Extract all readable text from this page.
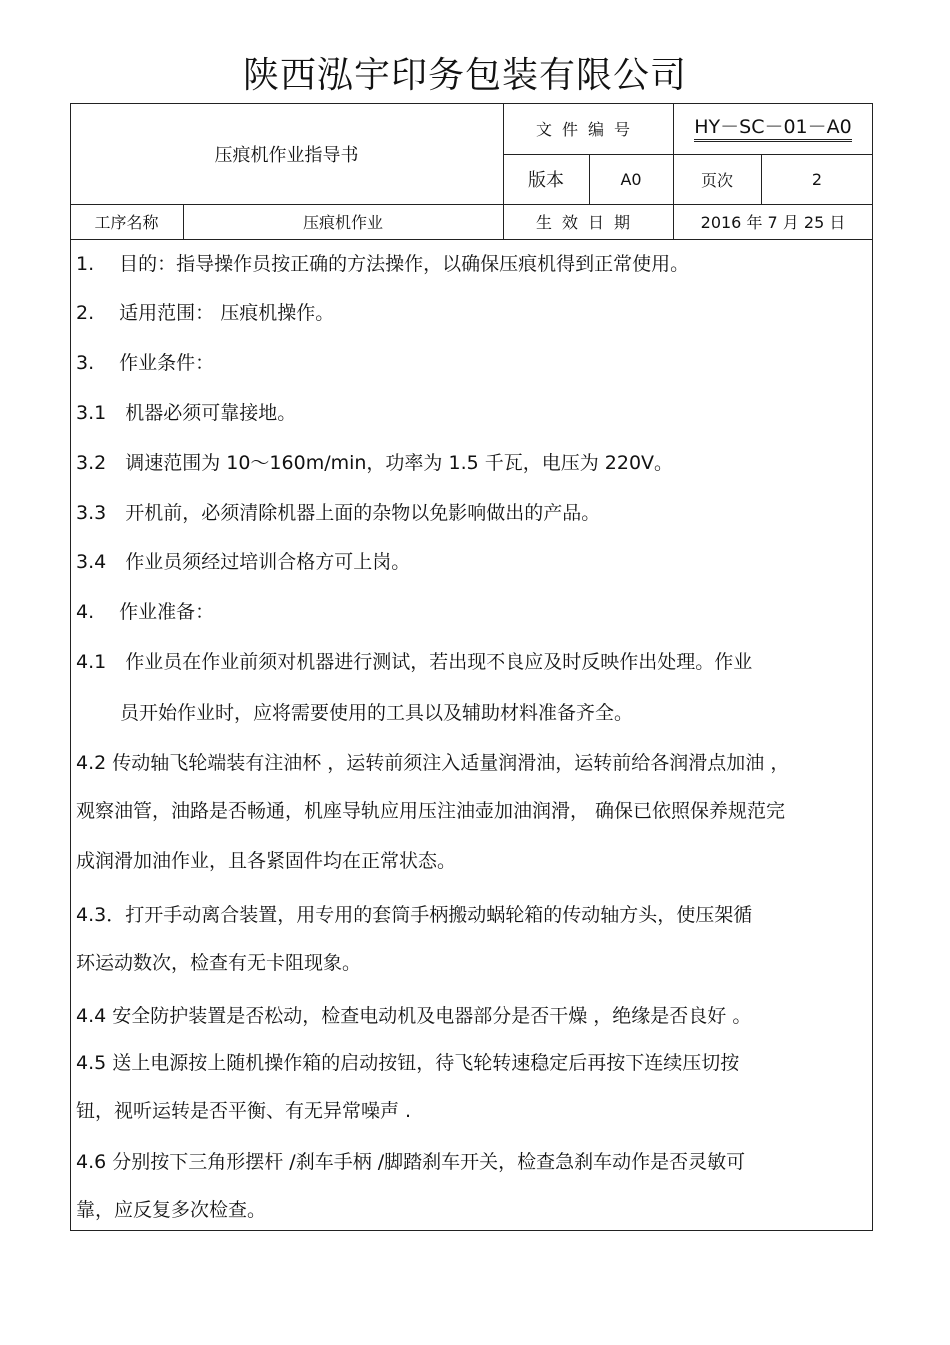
陕西泓宇印务包装有限公司
压痕机作业指导书
文件编号	HY－SC－01－A0
版本	A0	页次	2
工序名称	压痕机作业	生效日期	2016 年 7 月 25 日
1.　 目的：指导操作员按正确的方法操作，以确保压痕机得到正常使用。
2.　 适用范围： 压痕机操作。
3.　 作业条件：
3.1　机器必须可靠接地。
3.2　调速范围为 10～160m/min，功率为 1.5 千瓦，电压为 220V。
3.3　开机前，必须清除机器上面的杂物以免影响做出的产品。
3.4　作业员须经过培训合格方可上岗。
4.　 作业准备：
4.1　作业员在作业前须对机器进行测试，若出现不良应及时反映作出处理。作业
　　 员开始作业时，应将需要使用的工具以及辅助材料准备齐全。
4.2 传动轴飞轮端装有注油杯 ，运转前须注入适量润滑油，运转前给各润滑点加油 ，
观察油管，油路是否畅通，机座导轨应用压注油壶加油润滑， 确保已依照保养规范完
成润滑加油作业，且各紧固件均在正常状态。
4.3．打开手动离合装置，用专用的套筒手柄搬动蜗轮箱的传动轴方头，使压架循
环运动数次，检查有无卡阻现象。
4.4 安全防护装置是否松动，检查电动机及电器部分是否干燥 ，绝缘是否良好 。
4.5 送上电源按上随机操作箱的启动按钮，待飞轮转速稳定后再按下连续压切按
钮，视听运转是否平衡、有无异常噪声 .
4.6 分别按下三角形摆杆 /刹车手柄 /脚踏刹车开关，检查急刹车动作是否灵敏可
靠，应反复多次检查。
